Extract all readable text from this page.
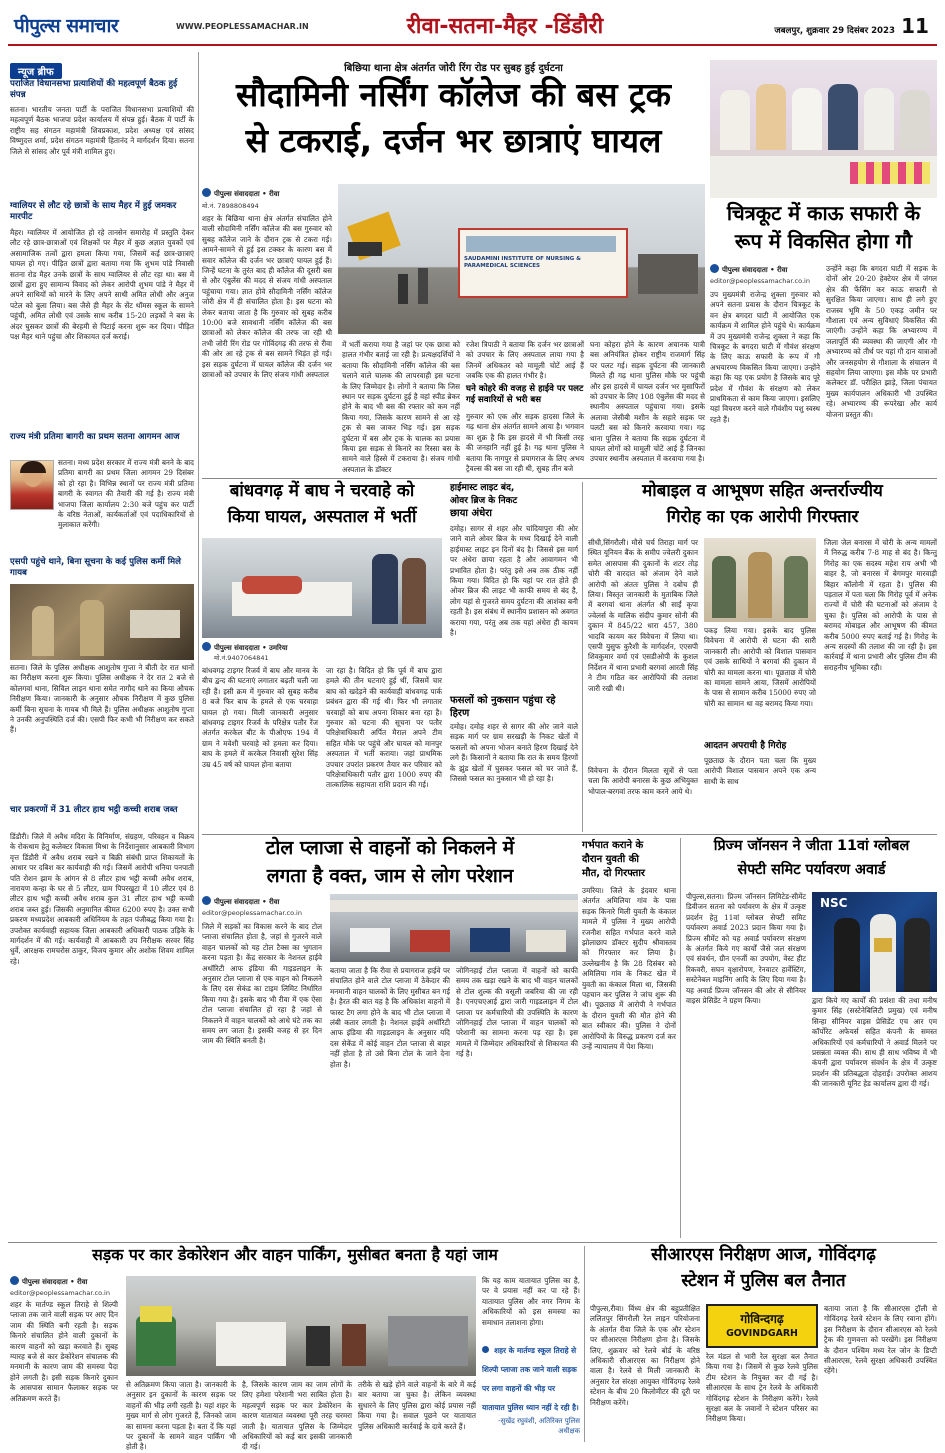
पीपुल्स समाचार	WWW.PEOPLESSAMACHAR.IN	रीवा-सतना-मैहर -डिंडौरी	जबलपुर, शुक्रवार 29 दिसंबर 2023 11
न्यूज ब्रीफ
पराजित विधानसभा प्रत्याशियों की महत्वपूर्ण बैठक हुई संपन्न
सतना। भारतीय जनता पार्टी के पराजित विधानसभा प्रत्याशियों की महत्वपूर्ण बैठक भाजपा प्रदेश कार्यालय में संपन्न हुई। बैठक में पार्टी के राष्ट्रीय सह संगठन महामंत्री शिवप्रकाश, प्रदेश अध्यक्ष एवं सांसद विष्णुदत्त शर्मा, प्रदेश संगठन महामंत्री हितानंद ने मार्गदर्शन दिया। सतना जिले से सांसद और पूर्व मंत्री शामिल हुए।
ग्वालियर से लौट रहे छात्रों के साथ मैहर में हुई जमकर मारपीट
मैहर। ग्वालियर में आयोजित हो रहे तानसेन समारोह में प्रस्तुति देकर लौट रहे छात्र-छात्राओं एवं शिक्षकों पर मैहर में कुछ अज्ञात युवकों एवं असामाजिक तत्वों द्वारा हमला किया गया, जिसमें कई छात्र-छात्राएं घायल हो गए। पीड़ित छात्रों द्वारा बताया गया कि शुभम पांडे निवासी सतना रोड मैहर उनके छात्रों के साथ ग्वालियर से लौट रहा था। बस में छात्रों द्वारा हुए सामान्य विवाद को लेकर आरोपी शुभम पांडे ने मैहर में अपने साथियों को मारने के लिए अपने साथी अमित लोधी और अनुज पटेल को बुला लिया। बस जैसे ही मैहर के सेंट थॉमस स्कूल के सामने पहुंची, अमित लोधी एवं उसके साथ करीब 15-20 लड़कों ने बस के अंदर घुसकर छात्रों की बेरहमी से पिटाई करना शुरू कर दिया। पीड़ित पक्ष मैहर थाने पहुंचा और शिकायत दर्ज कराई।
राज्य मंत्री प्रतिमा बागरी का प्रथम सतना आगमन आज
सतना। मध्य प्रदेश सरकार में राज्य मंत्री बनने के बाद प्रतिमा बागरी का प्रथम जिला आगमन 29 दिसंबर को हो रहा है। विभिन्न स्थानों पर राज्य मंत्री प्रतिमा बागरी के स्वागत की तैयारी की गई है। राज्य मंत्री भाजपा जिला कार्यालय 2:30 बजे पहुंच कर पार्टी के वरिष्ठ नेताओं, कार्यकर्ताओं एवं पदाधिकारियों से मुलाकात करेंगी।
एसपी पहुंचे थाने, बिना सूचना के कई पुलिस कर्मी मिले गायब
सतना। जिले के पुलिस अधीक्षक आशुतोष गुप्ता ने बीती देर रात थानों का निरीक्षण करना शुरू किया। पुलिस अधीक्षक ने देर रात 2 बजे से कोलगवां थाना, सिविल लाइन थाना समेत नागौद थाने का किया औचक निरीक्षण किया। जानकारी के अनुसार औचक निरीक्षण में कुछ पुलिस कर्मी बिना सूचना के गायब भी मिले हैं। पुलिस अधीक्षक आशुतोष गुप्ता ने उनकी अनुपस्थिति दर्ज की। एसपी फिर कभी भी निरीक्षण कर सकते हैं।
चार प्रकरणों में 31 लीटर हाथ भट्ठी कच्ची शराब जब्त
डिंडौरी। जिले में अवैध मदिरा के विनिर्माण, संग्रहण, परिवहन व विक्रय के रोकथाम हेतु कलेक्टर विकास मिश्रा के निर्देशानुसार आबकारी विभाग वृत्त डिंडौरी में अवैध शराब रखने व बिक्री संबंधी प्राप्त शिकायतों के आधार पर दबिश कर कार्यवाही की गई। जिसमें आरोपी धनिया पनपाती पति रोशन झाम के आंगन से 8 लीटर हाथ भट्ठी कच्ची अवैध शराब, नारायण कन्हा के घर से 5 लीटर, ग्राम पिपरखुटा में 10 लीटर एवं 8 लीटर हाथ भट्ठी कच्ची अवैध शराब कुल 31 लीटर हाथ भट्ठी कच्ची शराब जब्त हुई। जिसकी अनुमानित कीमत 6200 रुपए है। उक्त सभी प्रकरण मध्यप्रदेश आबकारी अधिनियम के तहत पंजीबद्ध किया गया है। उपरोक्त कार्यवाही सहायक जिला आबकारी अधिकारी पाठक उड़िके के मार्गदर्शन में की गई। कार्यवाही में आबकारी उप निरीक्षक सरवर सिंह धुर्वे, आरक्षक रामचरोस ठाकुर, विजय कुमार और अशोक शिवम शामिल रहे।
बिछिया थाना क्षेत्र अंतर्गत जोरी रिंग रोड पर सुबह हुई दुर्घटना
सौदामिनी नर्सिंग कॉलेज की बस ट्रक
से टकराई, दर्जन भर छात्राएं घायल
पीपुल्स संवाददाता • रीवा
मो.नं. 7898808494
SAUDAMINI INSTITUTE OF NURSING & PARAMEDICAL SCIENCES
शहर के बिछिया थाना क्षेत्र अंतर्गत संचालित होने वाली सौदामिनी नर्सिंग कॉलेज की बस गुरुवार को सुबह कॉलेज जाने के दौरान ट्रक से टकरा गई। आमने-सामने से हुई इस टक्कर के कारण बस में सवार कॉलेज की दर्जन भर छात्राएं घायल हुई हैं। जिन्हें घटना के तुरंत बाद ही कॉलेज की दूसरी बस से और एंबुलेंस की मदद से संजय गांधी अस्पताल पहुंचाया गया। ज्ञात होवे सौदामिनी नर्सिंग कॉलेज जोरी क्षेत्र में ही संचालित होता है। इस घटना को लेकर बताया जाता है कि गुरुवार को सुबह करीब 10:00 बजे सावधानी नर्सिंग कॉलेज की बस छात्राओं को लेकर कॉलेज की तरफ जा रही थी तभी जोरी रिंग रोड पर गोविंदगढ़ की तरफ से रीवा की ओर आ रहे ट्रक से बस सामने भिड़ंत हो गई। इस सड़क दुर्घटना में घायल कॉलेज की दर्जन भर छात्राओं को उपचार के लिए संजय गांधी अस्पताल
में भर्ती कराया गया है जहां पर एक छात्रा को हालत गंभीर बताई जा रही है। प्रत्यक्षदर्शियों ने बताया कि सौदामिनी नर्सिंग कॉलेज की बस चलाने वाले चालक की लापरवाही इस घटना के लिए जिम्मेदार है। लोगों ने बताया कि जिस स्थान पर सड़क दुर्घटना हुई है वहां स्पीड ब्रेकर होने के बाद भी बस की रफ्तार को कम नहीं किया गया, जिसके कारण सामने से आ रहे ट्रक से बस जाकर भिड़ गई। इस सड़क दुर्घटना में बस और ट्रक के चालक का प्रयास किया इस सड़क से किनारे का रिस्सा बस के सामने वाले हिस्से में टकराया है। संजय गांधी अस्पताल के डॉक्टर
रजेश त्रिपाठी ने बताया कि दर्जन भर छात्राओं को उपचार के लिए अस्पताल लाया गया है जिनमें अधिकतर को मामूली चोटें आई हैं जबकि एक की हालत गंभीर है।
घने कोहरे की वजह से हाईवे पर पलट गई सवारियों से भरी बस
गुरुवार को एक और सड़क हादसा जिले के गढ़ थाना क्षेत्र अंतर्गत सामने आया है। भगवान का शुक्र है कि इस हादसे में भी किसी तरह की जनहानि नहीं हुई है। गढ़ थाना पुलिस ने बताया कि नागपुर से प्रयागराज के लिए अभय ट्रैवल्स की बस जा रही थी, सुबह तीन बजे
घना कोहरा होने के कारण अचानक यात्री बस अनियंत्रित होकर राष्ट्रीय राजमार्ग सिंह पर पलट गई। सड़क दुर्घटना की जानकारी मिलते ही गढ़ थाना पुलिस मौके पर पहुंची और इस हादसे में घायल दर्जन भर मुसाफिरों को उपचार के लिए 108 एंबुलेंस की मदद से स्थानीय अस्पताल पहुंचाया गया। इसके अलावा जेसीबी मशीन के सहारे सड़क पर पलटी बस को किनारे करवाया गया। गढ़ थाना पुलिस ने बताया कि सड़क दुर्घटना में घायल लोगों को मामूली चोटें आई हैं जिनका उपचार स्थानीय अस्पताल में करवाया गया है।
चित्रकूट में काऊ सफारी के
रूप में विकसित होगा गौ
पीपुल्स संवाददाता • रीवा
editor@peoplessamachar.co.in
उप मुख्यमंत्री राजेन्द्र शुक्ला गुरुवार को अपने सतना प्रवास के दौरान चित्रकूट के वन क्षेत्र बगदरा घाटी में आयोजित एक कार्यक्रम में शामिल होने पहुंचे थे। कार्यक्रम में उप मुख्यमंत्री राजेन्द्र शुक्ला ने कहा कि चित्रकूट के बगदरा घाटी में गौवंश संरक्षण के लिए काऊ सफारी के रूप में गौ अभयारण्य विकसित किया जाएगा। उन्होंने कहा कि यह एक प्रयोग है जिसके बाद पूरे प्रदेश में गौवंश के संरक्षण को लेकर प्राथमिकता से काम किया जाएगा। इसलिए यहां विचरण करने वाले गौवंशीय पशु स्वस्थ रहते हैं।
उन्होंने कहा कि बगदरा घाटी में सड़क के दोनों ओर 20-20 हेक्टेयर क्षेत्र में जंगल क्षेत्र की फेंसिंग कर काऊ सफारी से सुरक्षित किया जाएगा। साथ ही लगे हुए राजस्व भूमि के 50 एकड़ जमीन पर गौशाला एवं अन्य सुविधाएं विकसित की जाएंगी। उन्होंने कहा कि अभ्यारण्य में जलापूर्ति की व्यवस्था की जाएगी और गौ अभ्यारण्य को तीर्थ पर यहां गौ दान यात्राओं और जनसहयोग से गौशाला के संचालन में सहयोग लिया जाएगा। इस मौके पर प्रभारी कलेक्टर डॉ. परीक्षित झाड़े, जिला पंचायत मुख्य कार्यपालन अधिकारी भी उपस्थित रहे। अभ्यारण्य की रूपरेखा और कार्य योजना प्रस्तुत की।
बांधवगढ़ में बाघ ने चरवाहे को
किया घायल, अस्पताल में भर्ती
पीपुल्स संवाददाता • उमरिया
मो.नं.9407064841
बांधवगढ़ टाइगर रिजर्व में बाघ और मानव के बीच द्वन्द की घटनाएं लगातार बढ़ती चली जा रही हैं। इसी क्रम में गुरुवार को सुबह करीब 8 बजे फिर बाघ के हमले से एक चरवाहा घायल हो गया। मिली जानकारी अनुसार बांधवगढ़ टाइगर रिजर्व के परिक्षेत्र पतौर रेंज अंतर्गत करकेल बीट के पीओएफ 194 में ग्राम ने मवेशी चरवाहे को हमला कर दिया। बाघ के हमले में करकेल निवासी सुरेश सिंह उम्र 45 वर्ष को घायल होना बताया
जा रहा है। विदित हो कि पूर्व में बाघ द्वारा हमले की तीन घटनाएं हुई थीं, जिसमें चार बाघ को खदेड़ने की कार्यवाही बांधवगढ़ पार्क प्रबंधन द्वारा की गई थी। फिर भी लगातार चरवाहों को बाघ अपना शिकार बना रहा है। गुरुवार को घटना की सूचना पर पतौर परिक्षेत्राधिकारी अर्पित मैराल अपने टीम सहित मौके पर पहुंचे और घायल को मानपुर अस्पताल में भर्ती कराया। जहां प्राथमिक उपचार उपरांत प्रकरण तैयार कर परिवार को परिक्षेत्राधिकारी पतौर द्वारा 1000 रुपए की तात्कालिक सहायता राशि प्रदान की गई।
हाईमास्ट लाइट बंद,
ओवर ब्रिज के निकट
छाया अंधेरा
दमोह। सागर से शहर और चांदियापुरा की ओर जाने वाले ओवर ब्रिज के मध्य दिखाई देने वाली हाईमास्ट लाइट इन दिनों बंद है। जिससे इस मार्ग पर अंधेरा छाया रहता है और आवागमन भी प्रभावित होता है। परंतु इसे अब तक ठीक नहीं किया गया। विदित हो कि यहां पर रात होते ही ओवर ब्रिज की लाइट भी काफी समय से बंद है, लोग यहां से गुजरते समय दुर्घटना की आशंका बनी रहती है। इस संबंध में स्थानीय प्रशासन को अवगत कराया गया, परंतु अब तक यहां अंधेरा ही कायम है।
फसलों को नुकसान पहुंचा रहे हिरण
दमोह। दमोह शहर से सागर की ओर जाने वाले सड़क मार्ग पर ग्राम सरखड़ी के निकट खेतों में फसलों को अपना भोजन बनाते हिरण दिखाई देने लगे हैं। किसानों ने बताया कि रात के समय हिरणों के झुंड खेतों में घुसकर फसल को चर जाते हैं, जिससे फसल का नुकसान भी हो रहा है।
मोबाइल व आभूषण सहित अन्तर्राज्यीय
गिरोह का एक आरोपी गिरफ्तार
सीधी,सिंगरौली। मौसे चर्च तिराहा मार्ग पर स्थित यूनियन बैंक के समीप ज्वेलरी दुकान समेत आसपास की दुकानों के शटर तोड़ चोरी की वारदात को अंजाम देने वाले आरोपी को अंततः पुलिस ने दबोच ही लिया। विस्तृत जानकारी के मुताबिक जिले में बरगवां थाना अंतर्गत श्री साईं कृपा ज्वेलर्स के मालिक संदीप कुमार सोनी की दुकान में 845/22 धारा 457, 380 भादवि कायम कर विवेचना में लिया था। एसपी युसुफ कुरैशी के मार्गदर्शन, एएसपी शिवकुमार वर्मा एवं एसडीओपी के कुशल निर्देशन में थाना प्रभारी बरगवां आरती सिंह ने टीम गठित कर आरोपियों की तलाश जारी रखी थी।
विवेचना के दौरान मिलता सूत्रों से पता चला कि आरोपी बनारस के कुछ अभियुक्त भोपाल-बरगवां तरफ काम करने आये थे।
पकड़ लिया गया। इसके बाद पुलिस विवेचना में आरोपी से घटना की सारी जानकारी ली। आरोपी को विशाल पासवान एवं उसके साथियों ने बरगवां की दुकान में चोरी का मामला करना था। पूछताछ में चोरी का मामला सामने आया, जिसमें आरोपियों के पास से सामान करीब 15000 रुपए जो चोरी का सामान था वह बरामद किया गया।
आदतन अपराधी है गिरोह
पूछताछ के दौरान पता चला कि मुख्य आरोपी विशाल पासवान अपने एक अन्य साथी के साथ
जिला जेल बनारस में चोरी के अन्य मामलों में निरुद्ध करीब 7-8 माह से बंद है। किन्तु गिरोह का एक सदस्य महेश राय अभी भी बाहर है, जो बनारस में बेगमपुर मारवाड़ी बिहार कॉलोनी में रहता है। पुलिस की पड़ताल में पता चला कि गिरोह पूर्व में अनेक राज्यों में चोरी की घटनाओं को अंजाम दे चुका है। पुलिस को आरोपी के पास से बरामद मोबाइल और आभूषण की कीमत करीब 5000 रुपए बताई गई है। गिरोह के अन्य सदस्यों की तलाश की जा रही है। इस कार्रवाई में थाना प्रभारी और पुलिस टीम की सराहनीय भूमिका रही।
टोल प्लाजा से वाहनों को निकलने में
लगता है वक्त, जाम से लोग परेशान
पीपुल्स संवाददाता • रीवा
editor@peoplessamachar.co.in
जिले में सड़कों का विकास करने के बाद टोल प्लाजा संचालित होता है, जहां से गुजरने वाले वाहन चालकों को यह टोल टैक्स का भुगतान करना पड़ता है। केंद्र सरकार के नेशनल हाईवे अथॉरिटी आफ इंडिया की गाइडलाइन के अनुसार टोल प्लाजा से एक वाहन को निकलने के लिए दस सेकंड का टाइम लिमिट निर्धारित किया गया है। इसके बाद भी रीवा में एक ऐसा टोल प्लाजा संचालित हो रहा है जहां से निकलने में वाहन चालकों को आधे घंटे तक का समय लग जाता है। इसकी वजह से हर दिन जाम की स्थिति बनती है।
बताया जाता है कि रीवा से प्रयागराज हाईवे पर संचालित होने वाले टोल प्लाजा में ठेकेदार की मनमानी वाहन चालकों के लिए मुसीबत बन गई है। हैरत की बात यह है कि अधिकांश वाहनों में फास्ट टैग लगा होने के बाद भी टोल प्लाजा में लंबी कतार लगती है। नेशनल हाईवे अथॉरिटी आफ इंडिया की गाइडलाइन के अनुसार यदि दस सेकेंड में कोई वाहन टोल प्लाजा से बाहर नहीं होता है तो उसे बिना टोल के जाने देना होता है।
जोगिनहाई टोल प्लाजा में वाहनों को काफी समय तक खड़ा रखने के बाद भी वाहन चालकों से टोल शुल्क की वसूली जबरिया की जा रही है। एनएचएआई द्वारा जारी गाइडलाइन में टोल प्लाजा पर कर्मचारियों की उपस्थिति के कारण जोगिनहाई टोल प्लाजा में वाहन चालकों को परेशानी का सामना करना पड़ रहा है। इस मामले में जिम्मेदार अधिकारियों से शिकायत की गई है।
गर्भपात कराने के
दौरान युवती की
मौत, दो गिरफ्तार
उमरिया। जिले के इंदवार थाना अंतर्गत अमिलिया गांव के पास सड़क किनारे मिली युवती के कंकाल मामले में पुलिस ने मुख्य आरोपी रजनीश सहित गर्भपात करने वाले झोलाछाप डॉक्टर सुदीप श्रीवास्तव को गिरफ्तार कर लिया है। उल्लेखनीय है कि 28 दिसंबर को अमिलिया गांव के निकट खेत में युवती का कंकाल मिला था, जिसकी पहचान कर पुलिस ने जांच शुरू की थी। पूछताछ में आरोपी ने गर्भपात के दौरान युवती की मौत होने की बात स्वीकार की। पुलिस ने दोनों आरोपियों के विरुद्ध प्रकरण दर्ज कर उन्हें न्यायालय में पेश किया।
प्रिज्म जॉनसन ने जीता 11वां ग्लोबल
सेफ्टी समिट पर्यावरण अवार्ड
पीपुल्स,सतना। प्रिज्म जॉनसन लिमिटेड-सीमेंट डिवीजन सतना को पर्यावरण के क्षेत्र में उत्कृष्ट प्रदर्शन हेतु 11वां ग्लोबल सेफ्टी समिट पर्यावरण अवार्ड 2023 प्रदान किया गया है। प्रिज्म सीमेंट को यह अवार्ड पर्यावरण संरक्षण के अंतर्गत किये गए कार्यों जैसे जल संरक्षण एवं संवर्धन, ग्रीन एनर्जी का उपयोग, वेस्ट हीट रिकवरी, सघन वृक्षारोपण, रेनवाटर हार्वेस्टिंग, सस्टेनेबल माइनिंग आदि के लिए दिया गया है। यह अवार्ड प्रिज्म जॉनसन की ओर से सीनियर वाइस प्रेसिडेंट ने ग्रहण किया।
NSC
द्वारा किये गए कार्यों की प्रसंशा की तथा मनीष कुमार सिंह (सस्टेनेबिलिटी प्रमुख) एवं मनीष सिन्हा सीनियर वाइस प्रेसिडेंट एच आर एम कॉर्पोरेट अफेयर्स सहित कंपनी के समस्त अधिकारियों एवं कर्मचारियों ने अवार्ड मिलने पर प्रसन्नता व्यक्त की। साथ ही साथ भविष्य में भी कंपनी द्वारा पर्यावरण संवर्धन के क्षेत्र में उत्कृष्ट प्रदर्शन की प्रतिबद्धता दोहराई। उपरोक्त आशय की जानकारी यूनिट हेड कार्यालय द्वारा दी गई।
सड़क पर कार डेकोरेशन और वाहन पार्किंग, मुसीबत बनता है यहां जाम
पीपुल्स संवाददाता • रीवा
editor@peoplessamachar.co.in
शहर के मार्तण्ड स्कूल तिराहे से शिल्पी प्लाजा तक जाने वाली सड़क पर आए दिन जाम की स्थिति बनी रहती है। सड़क किनारे संचालित होने वाली दुकानों के कारण वाहनों को खड़ा करवाते हैं। सुबह ग्यारह बजे से कार डेकोरेशन संचालक की मनमानी के कारण जाम की समस्या पैदा होने लगती है। इसी सड़क किनारे दुकान के आसपास सामान फैलाकर सड़क पर अतिक्रमण करते हैं।
से अतिक्रमण किया जाता है। जानकारी के अनुसार इन दुकानों के कारण सड़क पर वाहनों की भीड़ लगी रहती है। यहां शहर के मुख्य मार्ग से लोग गुजरते हैं, जिनको जाम का सामना करना पड़ता है। बता दें कि यहां पर दुकानों के सामने वाहन पार्किंग भी होती है।
है, जिसके कारण जाम का जाम लोगों के लिए हमेशा परेशानी भरा साबित होता है। महत्वपूर्ण सड़क पर कार डेकोरेशन के कारण यातायात व्यवस्था पूरी तरह चरमरा जाती है। यातायात पुलिस के जिम्मेदार अधिकारियों को कई बार इसकी जानकारी दी गई।
तरीके से खड़े होने वाले वाहनों के बारे में कई बार बताया जा चुका है। लेकिन व्यवस्था सुधारने के लिए पुलिस द्वारा कोई प्रयास नहीं किया गया है। सवाल पूछने पर यातायात पुलिस अधिकारी कार्रवाई के दावे करते हैं।
कि यह काम यातायात पुलिस का है, पर वे प्रयास नहीं कर पा रहे हैं। यातायात पुलिस और नगर निगम के अधिकारियों को इस समस्या का समाधान तलाशना होगा।
शहर के मार्तण्ड स्कूल तिराहे से शिल्पी प्लाजा तक जाने वाली सड़क पर लगा वाहनों की भीड़ पर यातायात पुलिस ध्यान नहीं दे रही है।
-सुखेंद्र रघुवंशी, अतिरिक्त पुलिस अधीक्षक
सीआरएस निरीक्षण आज, गोविंदगढ़
स्टेशन में पुलिस बल तैनात
पीपुल्स,रीवा। विंध्य क्षेत्र की बहुप्रतीक्षित ललितपुर सिंगरौली रेल लाइन परियोजना के अंतर्गत रीवा जिले के एक और स्टेशन पर सीआरएस निरीक्षण होना है। जिसके लिए, शुक्रवार को रेलवे बोर्ड के वरिष्ठ अधिकारी सीआरएस का निरीक्षण होने वाला है। रेलवे से मिली जानकारी के अनुसार रेल संरक्षा आयुक्त गोविंदगढ़ रेलवे स्टेशन के बीच 20 किलोमीटर की दूरी पर निरीक्षण करेंगे।
गोविन्दगढ़
GOVINDGARH
रेल मंडल से भारी रेल सुरक्षा बल तैनात किया गया है। जिसमें से कुछ रेलवे पुलिस टीम स्टेशन के नियुक्त कर दी गई है। सीआरएस के साथ ट्रेन रेलवे के अधिकारी गोविंदगढ़ स्टेशन के निरीक्षण करेंगे। रेलवे सुरक्षा बल के जवानों ने स्टेशन परिसर का निरीक्षण किया।
बताया जाता है कि सीआरएस ट्रॉली से गोविंदगढ़ रेलवे स्टेशन के लिए रवाना होंगे। इस निरीक्षण के दौरान सीआरएस को रेलवे ट्रैक की गुणवत्ता को परखेंगे। इस निरीक्षण के दौरान पश्चिम मध्य रेल जोन के डिप्टी सीआरएस, रेलवे सुरक्षा अधिकारी उपस्थित रहेंगे।
